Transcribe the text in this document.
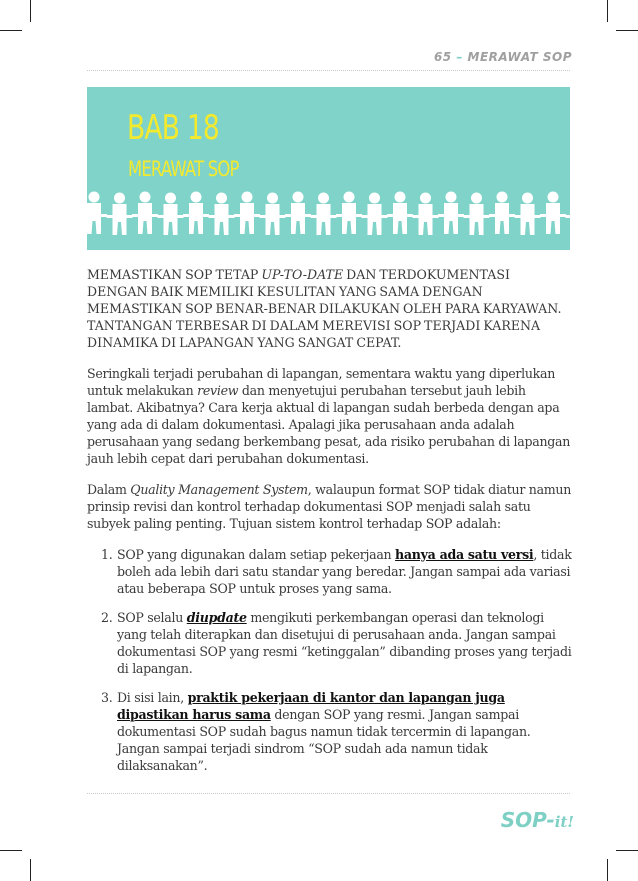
65 – MERAWAT SOP
BAB 18
MERAWAT SOP

MEMASTIKAN SOP TETAP UP-TO-DATE DAN TERDOKUMENTASI DENGAN BAIK MEMILIKI KESULITAN YANG SAMA DENGAN MEMASTIKAN SOP BENAR-BENAR DILAKUKAN OLEH PARA KARYAWAN. TANTANGAN TERBESAR DI DALAM MEREVISI SOP TERJADI KARENA DINAMIKA DI LAPANGAN YANG SANGAT CEPAT.

Seringkali terjadi perubahan di lapangan, sementara waktu yang diperlukan untuk melakukan review dan menyetujui perubahan tersebut jauh lebih lambat. Akibatnya? Cara kerja aktual di lapangan sudah berbeda dengan apa yang ada di dalam dokumentasi. Apalagi jika perusahaan anda adalah perusahaan yang sedang berkembang pesat, ada risiko perubahan di lapangan jauh lebih cepat dari perubahan dokumentasi.

Dalam Quality Management System, walaupun format SOP tidak diatur namun prinsip revisi dan kontrol terhadap dokumentasi SOP menjadi salah satu subyek paling penting. Tujuan sistem kontrol terhadap SOP adalah:

1. SOP yang digunakan dalam setiap pekerjaan hanya ada satu versi, tidak boleh ada lebih dari satu standar yang beredar. Jangan sampai ada variasi atau beberapa SOP untuk proses yang sama.
2. SOP selalu diupdate mengikuti perkembangan operasi dan teknologi yang telah diterapkan dan disetujui di perusahaan anda. Jangan sampai dokumentasi SOP yang resmi “ketinggalan” dibanding proses yang terjadi di lapangan.
3. Di sisi lain, praktik pekerjaan di kantor dan lapangan juga dipastikan harus sama dengan SOP yang resmi. Jangan sampai dokumentasi SOP sudah bagus namun tidak tercermin di lapangan. Jangan sampai terjadi sindrom “SOP sudah ada namun tidak dilaksanakan”.
SOP-it!
